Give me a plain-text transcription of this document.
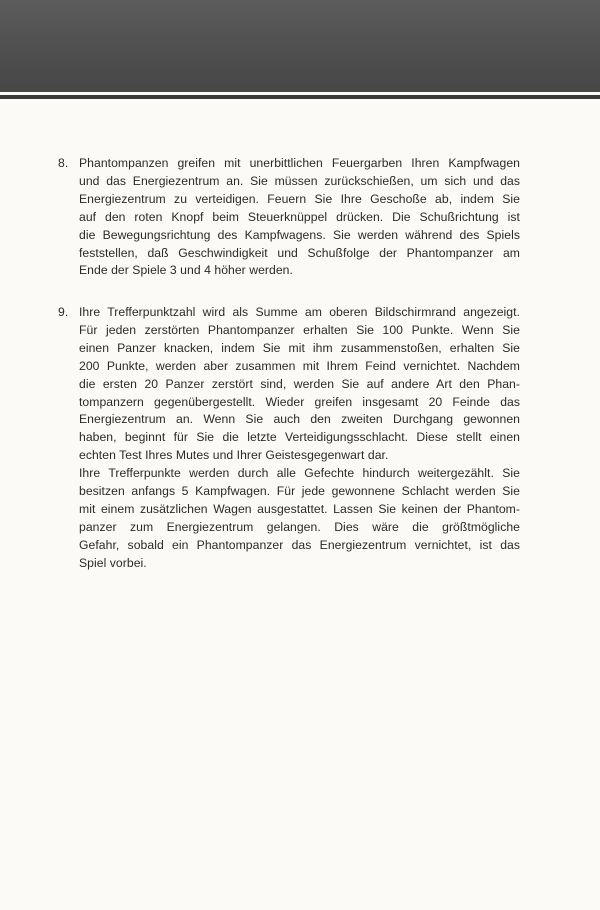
8. Phantompanzen greifen mit unerbittlichen Feuergarben Ihren Kampfwagen
und das Energiezentrum an. Sie müssen zurückschießen, um sich und das
Energiezentrum zu verteidigen. Feuern Sie Ihre Geschoße ab, indem Sie
auf den roten Knopf beim Steuerknüppel drücken. Die Schußrichtung ist
die Bewegungsrichtung des Kampfwagens. Sie werden während des Spiels
feststellen, daß Geschwindigkeit und Schußfolge der Phantompanzer am
Ende der Spiele 3 und 4 höher werden.
9. Ihre Trefferpunktzahl wird als Summe am oberen Bildschirmrand angezeigt.
Für jeden zerstörten Phantompanzer erhalten Sie 100 Punkte. Wenn Sie
einen Panzer knacken, indem Sie mit ihm zusammenstoßen, erhalten Sie
200 Punkte, werden aber zusammen mit Ihrem Feind vernichtet. Nachdem
die ersten 20 Panzer zerstört sind, werden Sie auf andere Art den Phan-
tompanzern gegenübergestellt. Wieder greifen insgesamt 20 Feinde das
Energiezentrum an. Wenn Sie auch den zweiten Durchgang gewonnen
haben, beginnt für Sie die letzte Verteidigungsschlacht. Diese stellt einen
echten Test Ihres Mutes und Ihrer Geistesgegenwart dar.
Ihre Trefferpunkte werden durch alle Gefechte hindurch weitergezählt. Sie
besitzen anfangs 5 Kampfwagen. Für jede gewonnene Schlacht werden Sie
mit einem zusätzlichen Wagen ausgestattet. Lassen Sie keinen der Phantom-
panzer zum Energiezentrum gelangen. Dies wäre die größtmögliche
Gefahr, sobald ein Phantompanzer das Energiezentrum vernichtet, ist das
Spiel vorbei.
